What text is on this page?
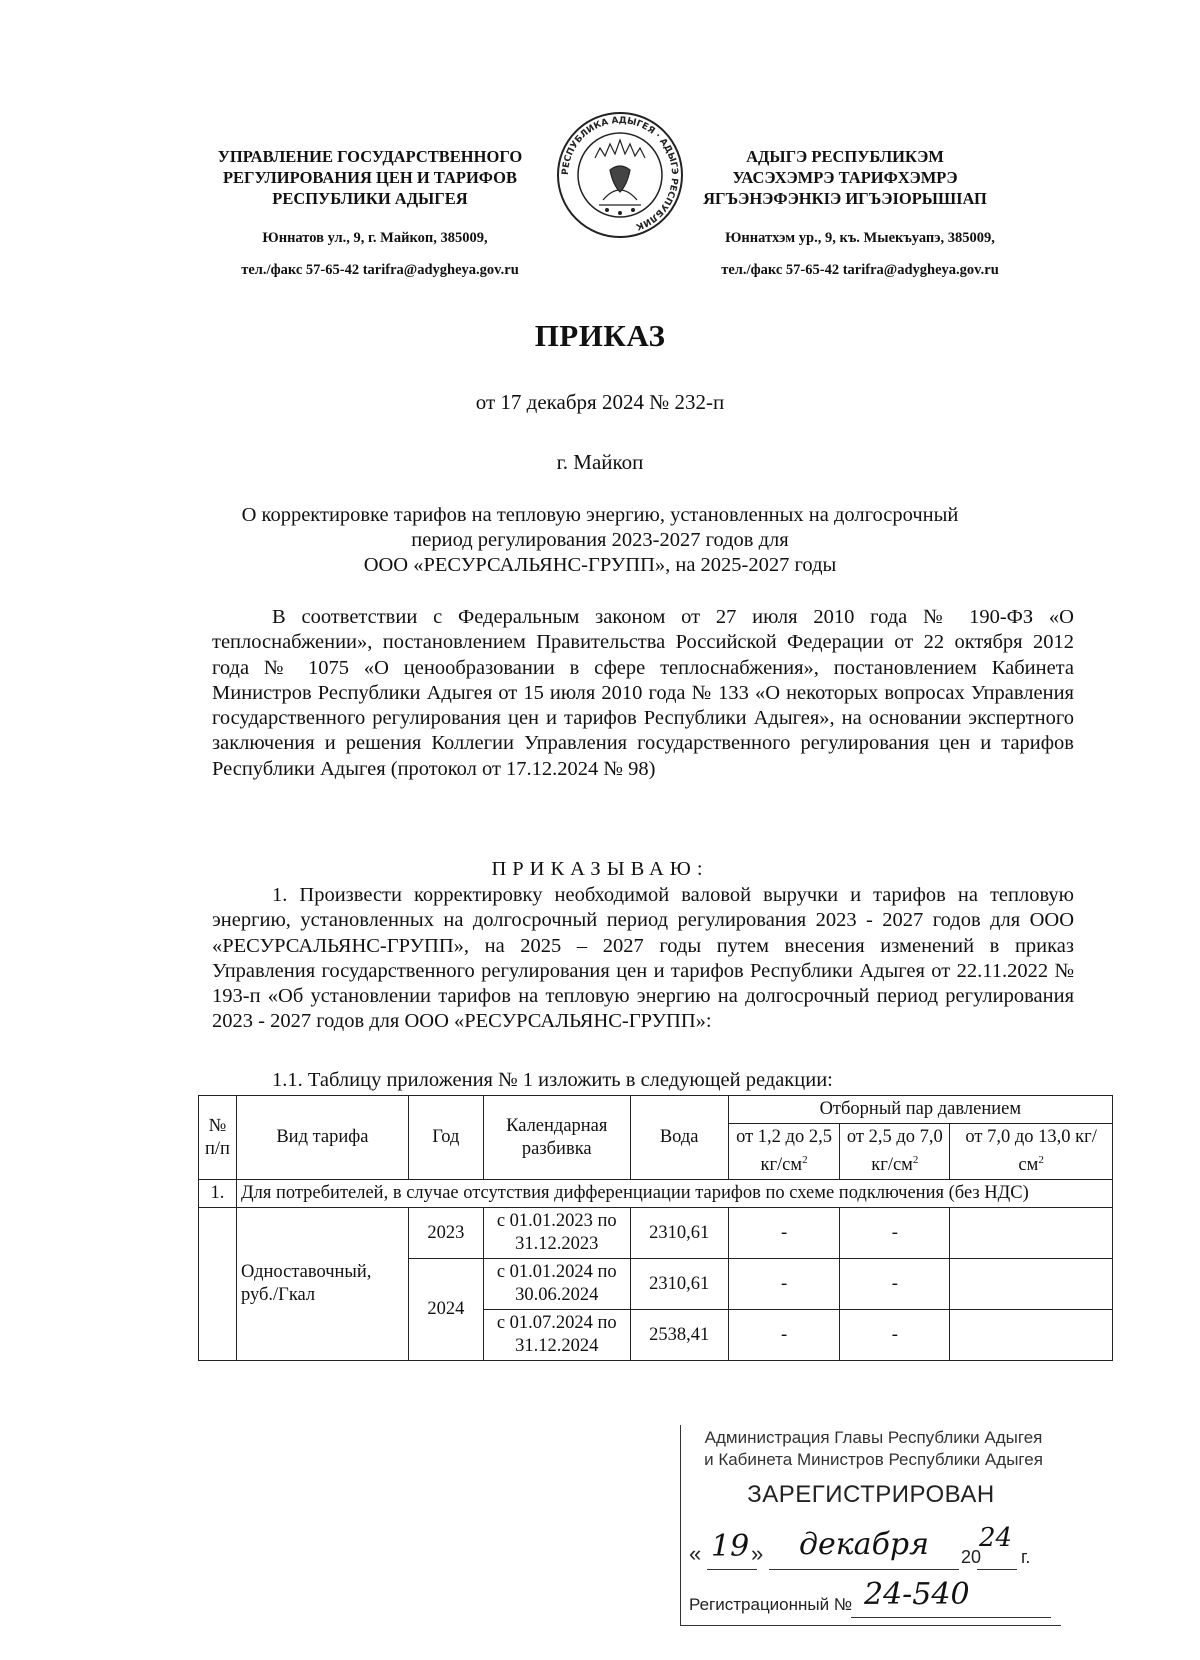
УПРАВЛЕНИЕ ГОСУДАРСТВЕННОГО
РЕГУЛИРОВАНИЯ ЦЕН И ТАРИФОВ
РЕСПУБЛИКИ АДЫГЕЯ
Юннатов ул., 9, г. Майкоп, 385009,
тел./факс 57-65-42 tarifra@adygheya.gov.ru
РЕСПУБЛИКА АДЫГЕЯ · АДЫГЭ РЕСПУБЛИК
АДЫГЭ РЕСПУБЛИКЭМ
УАСЭХЭМРЭ ТАРИФХЭМРЭ
ЯГЪЭНЭФЭНКІЭ ИГЪЭІОРЫШІАП
Юннатхэм ур., 9, къ. Мыекъуапэ, 385009,
тел./факс 57-65-42 tarifra@adygheya.gov.ru
ПРИКАЗ
от 17 декабря 2024 № 232-п
г. Майкоп
О корректировке тарифов на тепловую энергию, установленных на долгосрочный
период регулирования 2023-2027 годов для
ООО «РЕСУРСАЛЬЯНС-ГРУПП», на 2025-2027 годы
В соответствии с Федеральным законом от 27 июля 2010 года № 190-ФЗ «О теплоснабжении», постановлением Правительства Российской Федерации от 22 октября 2012 года № 1075 «О ценообразовании в сфере теплоснабжения», постановлением Кабинета Министров Республики Адыгея от 15 июля 2010 года № 133 «О некоторых вопросах Управления государственного регулирования цен и тарифов Республики Адыгея», на основании экспертного заключения и решения Коллегии Управления государственного регулирования цен и тарифов Республики Адыгея (протокол от 17.12.2024 № 98)
ПРИКАЗЫВАЮ:
1. Произвести корректировку необходимой валовой выручки и тарифов на тепловую энергию, установленных на долгосрочный период регулирования 2023 - 2027 годов для ООО «РЕСУРСАЛЬЯНС-ГРУПП», на 2025 – 2027 годы путем внесения изменений в приказ Управления государственного регулирования цен и тарифов Республики Адыгея от 22.11.2022 № 193-п «Об установлении тарифов на тепловую энергию на долгосрочный период регулирования 2023 - 2027 годов для ООО «РЕСУРСАЛЬЯНС-ГРУПП»:
1.1. Таблицу приложения № 1 изложить в следующей редакции:
№ п/п	Вид тарифа	Год	Календарная разбивка	Вода	Отборный пар давлением		
					от 1,2 до 2,5 $кг/см^2$	от 2,5 до 7,0 $кг/см^2$	от 7,0 до 13,0 $кг/см^2$
1.	Для потребителей, в случае отсутствия дифференциации тарифов по схеме подключения (без НДС)						
	Одноставочный, руб./Гкал	2023	с 01.01.2023 по 31.12.2023	2310,61	-	-	
		2024	с 01.01.2024 по 30.06.2024	2310,61	-	-	
			с 01.07.2024 по 31.12.2024	2538,41	-	-	
Администрация Главы Республики Адыгея
и Кабинета Министров Республики Адыгея
ЗАРЕГИСТРИРОВАН
« 19 » декабря 20
24
г.
Регистрационный № 24-540
